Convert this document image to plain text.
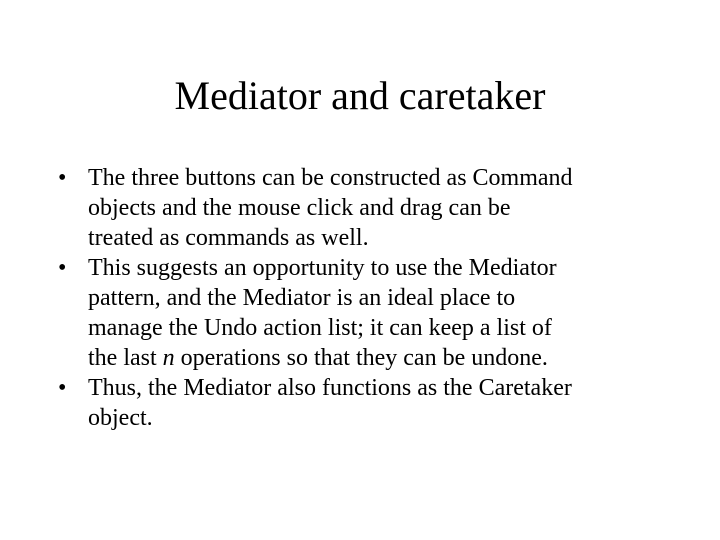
Mediator and caretaker
• The three buttons can be constructed as Command
objects and the mouse click and drag can be
treated as commands as well.
• This suggests an opportunity to use the Mediator
pattern, and the Mediator is an ideal place to
manage the Undo action list; it can keep a list of
the last n operations so that they can be undone.
• Thus, the Mediator also functions as the Caretaker
object.
